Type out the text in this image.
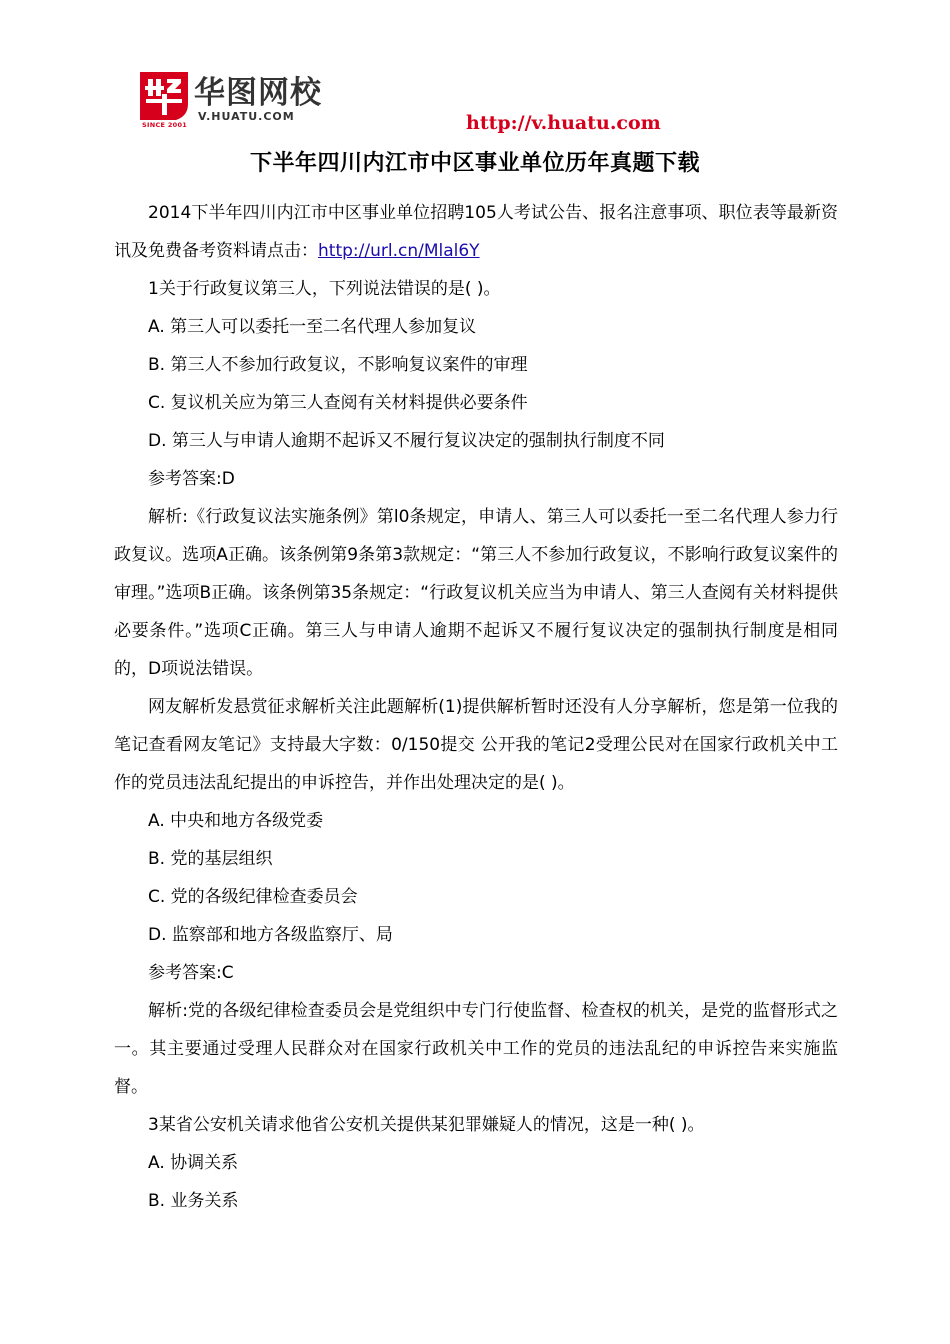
SINCE 2001
华图网校
V.HUATU.COM	http://v.huatu.com
下半年四川内江市中区事业单位历年真题下载

2014下半年四川内江市中区事业单位招聘105人考试公告、报名注意事项、职位表等最新资讯及免费备考资料请点击：http://url.cn/Mlal6Y

1关于行政复议第三人，下列说法错误的是( )。

A. 第三人可以委托一至二名代理人参加复议

B. 第三人不参加行政复议，不影响复议案件的审理

C. 复议机关应为第三人查阅有关材料提供必要条件

D. 第三人与申请人逾期不起诉又不履行复议决定的强制执行制度不同

参考答案:D

解析:《行政复议法实施条例》第l0条规定，申请人、第三人可以委托一至二名代理人参力行政复议。选项A正确。该条例第9条第3款规定：“第三人不参加行政复议，不影响行政复议案件的审理。”选项B正确。该条例第35条规定：“行政复议机关应当为申请人、第三人查阅有关材料提供必要条件。”选项C正确。第三人与申请人逾期不起诉又不履行复议决定的强制执行制度是相同的，D项说法错误。

网友解析发悬赏征求解析关注此题解析(1)提供解析暂时还没有人分享解析，您是第一位我的笔记查看网友笔记》支持最大字数：0/150提交 公开我的笔记2受理公民对在国家行政机关中工作的党员违法乱纪提出的申诉控告，并作出处理决定的是( )。

A. 中央和地方各级党委

B. 党的基层组织

C. 党的各级纪律检查委员会

D. 监察部和地方各级监察厅、局

参考答案:C

解析:党的各级纪律检查委员会是党组织中专门行使监督、检查权的机关，是党的监督形式之一。其主要通过受理人民群众对在国家行政机关中工作的党员的违法乱纪的申诉控告来实施监督。

3某省公安机关请求他省公安机关提供某犯罪嫌疑人的情况，这是一种( )。

A. 协调关系

B. 业务关系
